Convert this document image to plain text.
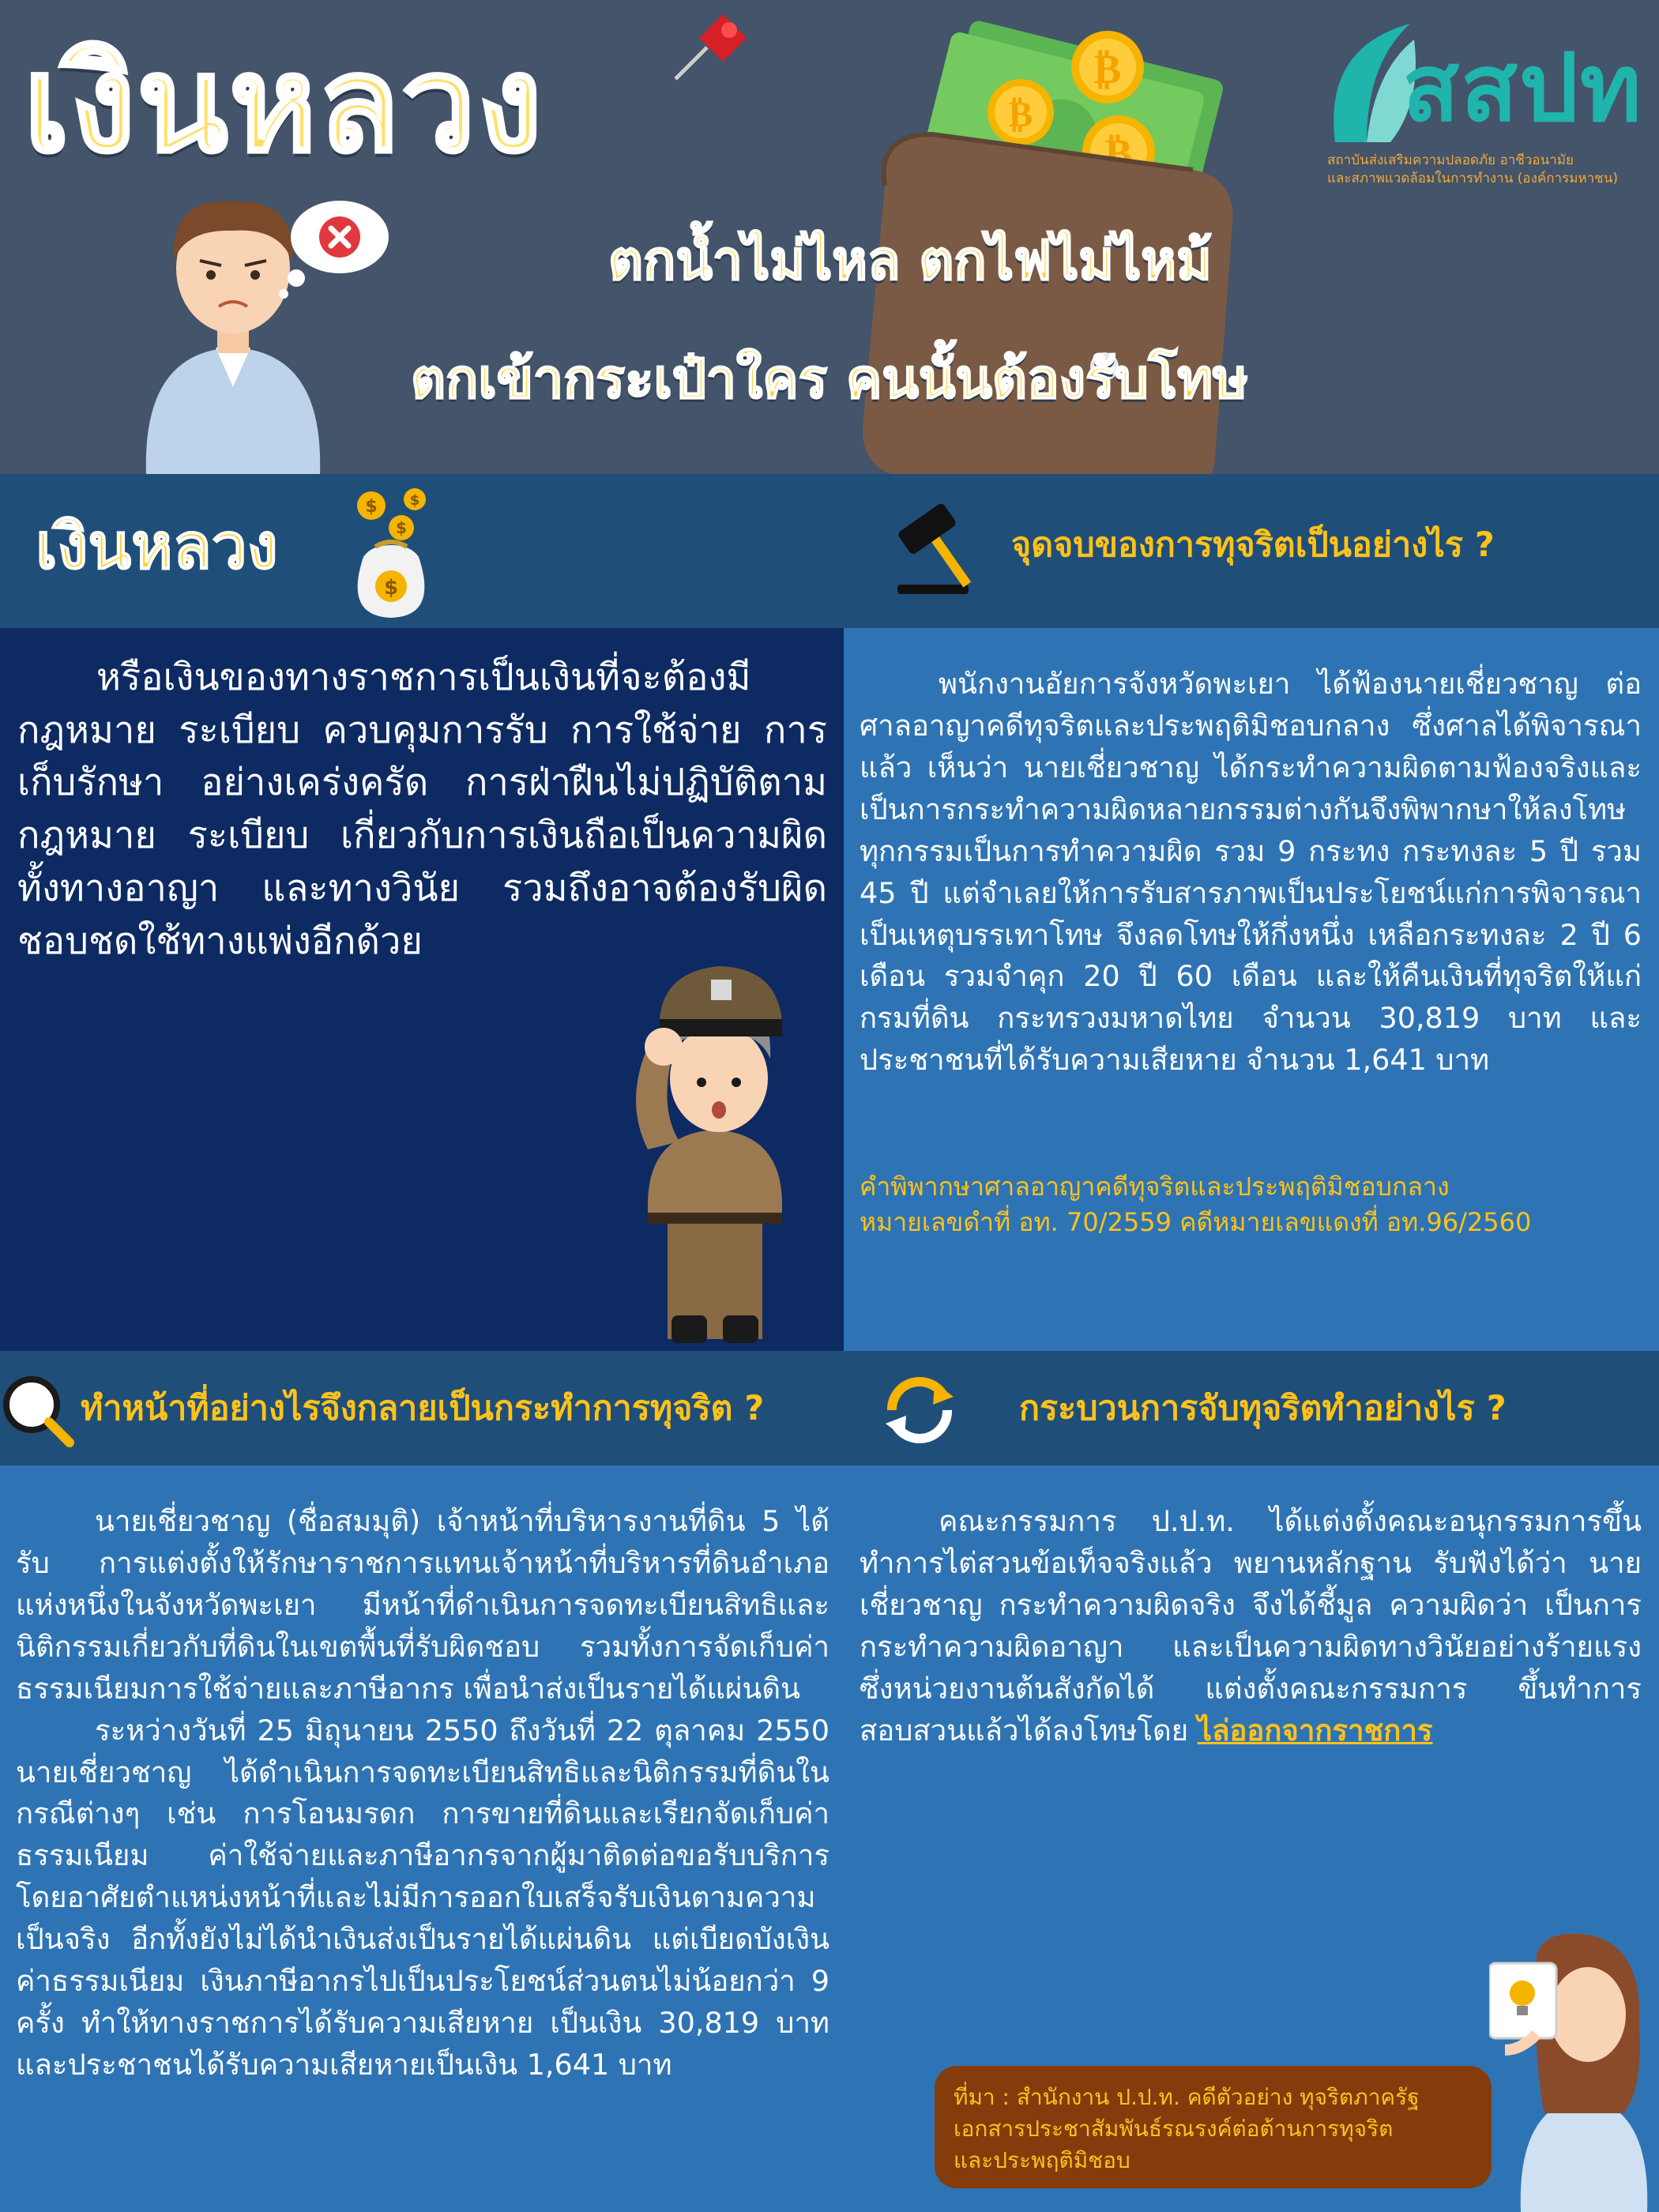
₿
₿
₿
เงินหลวง
ตกน้ำไม่ไหล ตกไฟไม่ไหม้
ตกเข้ากระเป๋าใคร คนนั้นต้องรับโทษ
สสปท
สถาบันส่งเสริมความปลอดภัย อาชีวอนามัย
และสภาพแวดล้อมในการทำงาน (องค์การมหาชน)
เงินหลวง
$
$
$
$
จุดจบของการทุจริตเป็นอย่างไร ?

หรือเงินของทางราชการเป็นเงินที่จะต้องมีกฎหมาย ระเบียบ ควบคุมการรับ การใช้จ่าย การเก็บรักษา อย่างเคร่งครัด การฝ่าฝืนไม่ปฏิบัติตามกฎหมาย ระเบียบ เกี่ยวกับการเงินถือเป็นความผิดทั้งทางอาญา และทางวินัย รวมถึงอาจต้องรับผิดชอบชดใช้ทางแพ่งอีกด้วย

พนักงานอัยการจังหวัดพะเยา ได้ฟ้องนายเชี่ยวชาญ ต่อศาลอาญาคดีทุจริตและประพฤติมิชอบกลาง ซึ่งศาลได้พิจารณาแล้ว เห็นว่า นายเชี่ยวชาญ ได้กระทำความผิดตามฟ้องจริงและเป็นการกระทำความผิดหลายกรรมต่างกันจึงพิพากษาให้ลงโทษทุกกรรมเป็นการทำความผิด รวม 9 กระทง กระทงละ 5 ปี รวม 45 ปี แต่จำเลยให้การรับสารภาพเป็นประโยชน์แก่การพิจารณาเป็นเหตุบรรเทาโทษ จึงลดโทษให้กึ่งหนึ่ง เหลือกระทงละ 2 ปี 6 เดือน รวมจำคุก 20 ปี 60 เดือน และให้คืนเงินที่ทุจริตให้แก่ กรมที่ดิน กระทรวงมหาดไทย จำนวน 30,819 บาท และประชาชนที่ได้รับความเสียหาย จำนวน 1,641 บาท

คำพิพากษาศาลอาญาคดีทุจริตและประพฤติมิชอบกลาง
หมายเลขดำที่ อท. 70/2559 คดีหมายเลขแดงที่ อท.96/2560
ทำหน้าที่อย่างไรจึงกลายเป็นกระทำการทุจริต ?	กระบวนการจับทุจริตทำอย่างไร ?

นายเชี่ยวชาญ (ชื่อสมมุติ) เจ้าหน้าที่บริหารงานที่ดิน 5 ได้รับ การแต่งตั้งให้รักษาราชการแทนเจ้าหน้าที่บริหารที่ดินอำเภอแห่งหนึ่งในจังหวัดพะเยา มีหน้าที่ดำเนินการจดทะเบียนสิทธิและนิติกรรมเกี่ยวกับที่ดินในเขตพื้นที่รับผิดชอบ รวมทั้งการจัดเก็บค่าธรรมเนียมการใช้จ่ายและภาษีอากร เพื่อนำส่งเป็นรายได้แผ่นดิน

ระหว่างวันที่ 25 มิถุนายน 2550 ถึงวันที่ 22 ตุลาคม 2550 นายเชี่ยวชาญ ได้ดำเนินการจดทะเบียนสิทธิและนิติกรรมที่ดินในกรณีต่างๆ เช่น การโอนมรดก การขายที่ดินและเรียกจัดเก็บค่าธรรมเนียม ค่าใช้จ่ายและภาษีอากรจากผู้มาติดต่อขอรับบริการโดยอาศัยตำแหน่งหน้าที่และไม่มีการออกใบเสร็จรับเงินตามความเป็นจริง อีกทั้งยังไม่ได้นำเงินส่งเป็นรายได้แผ่นดิน แต่เบียดบังเงินค่าธรรมเนียม เงินภาษีอากรไปเป็นประโยชน์ส่วนตนไม่น้อยกว่า 9 ครั้ง ทำให้ทางราชการได้รับความเสียหาย เป็นเงิน 30,819 บาท และประชาชนได้รับความเสียหายเป็นเงิน 1,641 บาท

คณะกรรมการ ป.ป.ท. ได้แต่งตั้งคณะอนุกรรมการขึ้นทำการไต่สวนข้อเท็จจริงแล้ว พยานหลักฐาน รับฟังได้ว่า นายเชี่ยวชาญ กระทำความผิดจริง จึงได้ชี้มูล ความผิดว่า เป็นการกระทำความผิดอาญา และเป็นความผิดทางวินัยอย่างร้ายแรง ซึ่งหน่วยงานต้นสังกัดได้ แต่งตั้งคณะกรรมการ ขึ้นทำการสอบสวนแล้วได้ลงโทษโดย ไล่ออกจากราชการ

ที่มา : สำนักงาน ป.ป.ท. คดีตัวอย่าง ทุจริตภาครัฐ

เอกสารประชาสัมพันธ์รณรงค์ต่อต้านการทุจริต

และประพฤติมิชอบ
